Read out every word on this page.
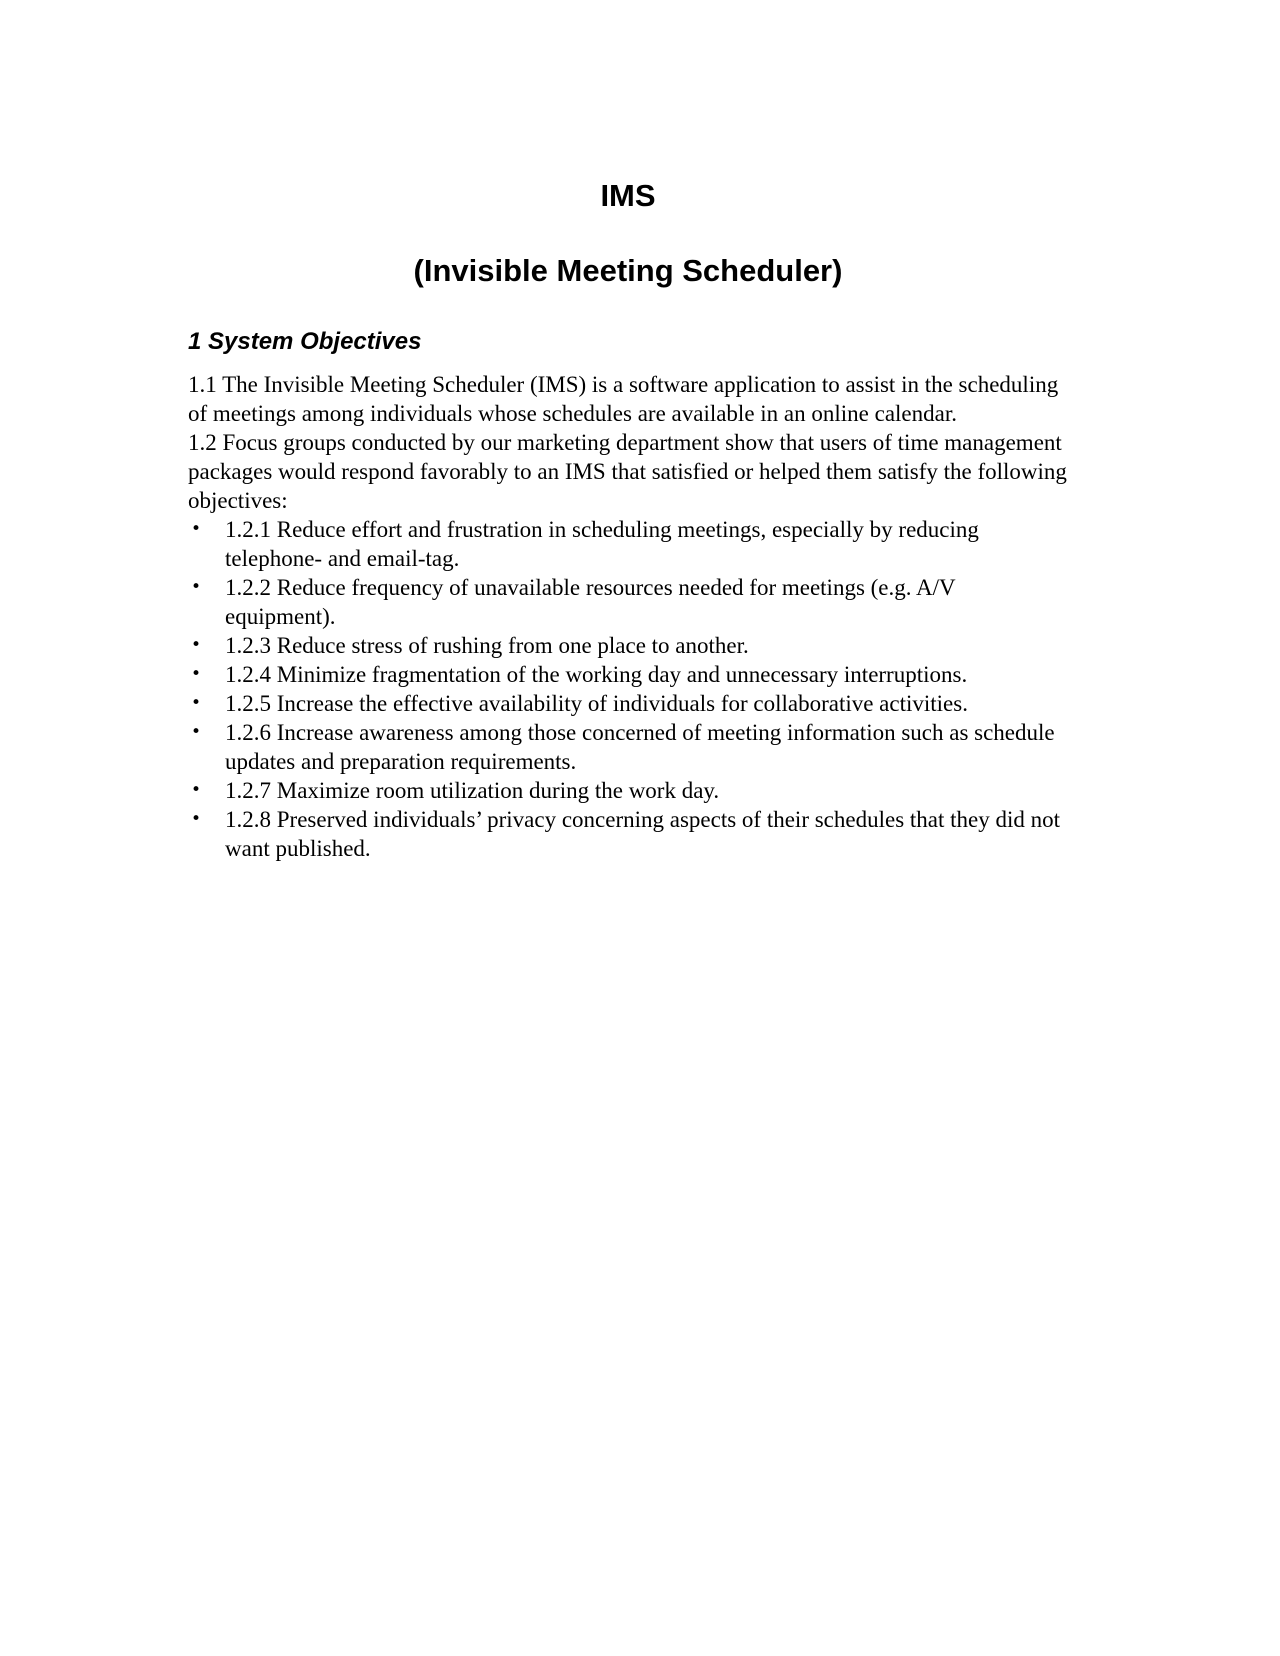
IMS
(Invisible Meeting Scheduler)
1 System Objectives

1.1 The Invisible Meeting Scheduler (IMS) is a software application to assist in the scheduling of meetings among individuals whose schedules are available in an online calendar.

1.2 Focus groups conducted by our marketing department show that users of time management packages would respond favorably to an IMS that satisfied or helped them satisfy the following objectives:

• 1.2.1 Reduce effort and frustration in scheduling meetings, especially by reducing telephone- and email-tag.
• 1.2.2 Reduce frequency of unavailable resources needed for meetings (e.g. A/V equipment).
• 1.2.3 Reduce stress of rushing from one place to another.
• 1.2.4 Minimize fragmentation of the working day and unnecessary interruptions.
• 1.2.5 Increase the effective availability of individuals for collaborative activities.
• 1.2.6 Increase awareness among those concerned of meeting information such as schedule updates and preparation requirements.
• 1.2.7 Maximize room utilization during the work day.
• 1.2.8 Preserved individuals’ privacy concerning aspects of their schedules that they did not want published.
